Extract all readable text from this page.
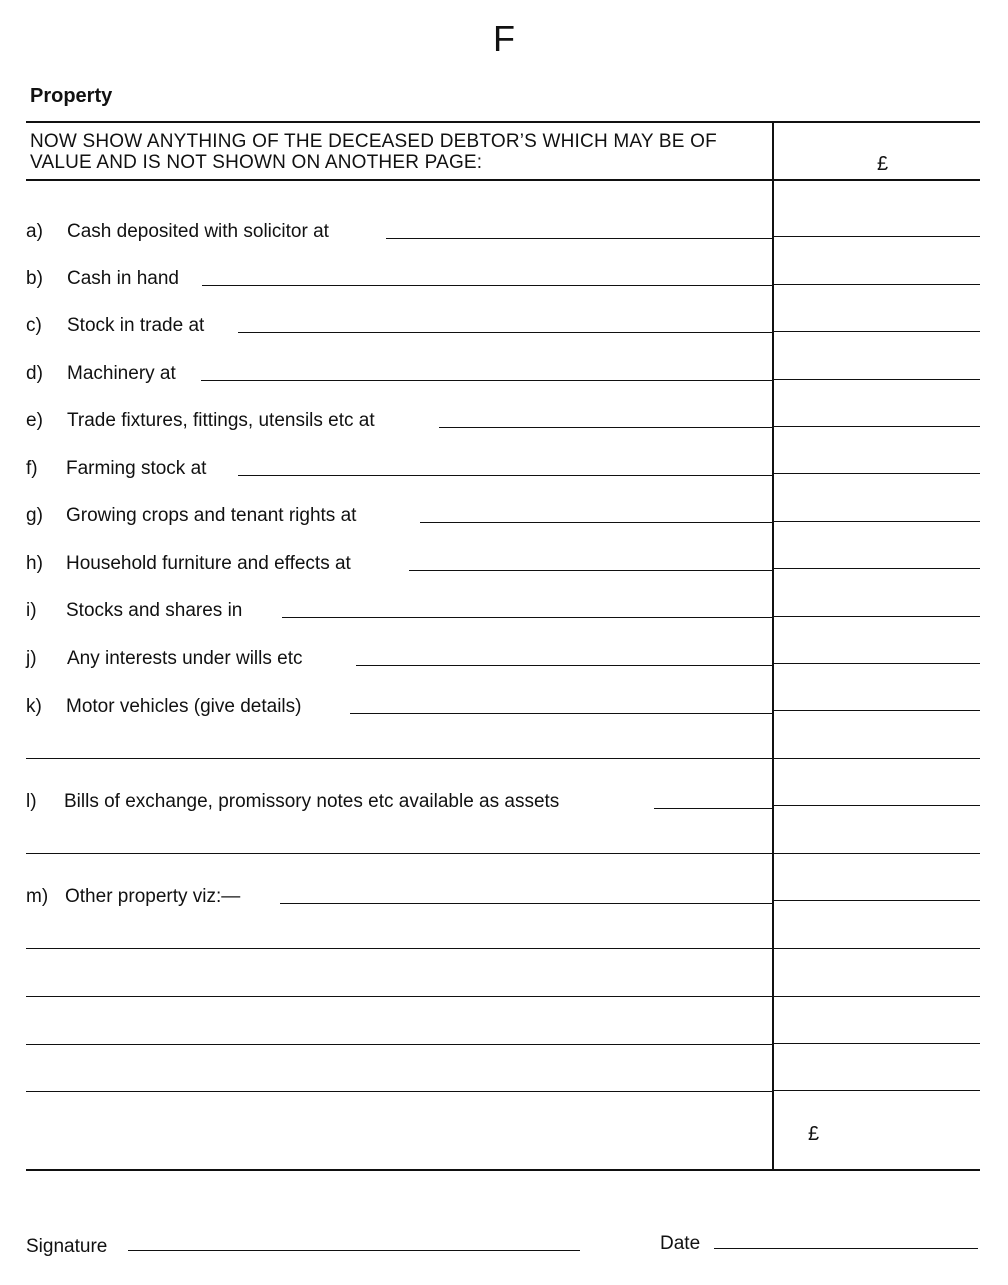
F
Property
NOW SHOW ANYTHING OF THE DECEASED DEBTOR’S WHICH MAY BE OF VALUE AND IS NOT SHOWN ON ANOTHER PAGE:	£
a) Cash deposited with solicitor at
b) Cash in hand
c) Stock in trade at
d) Machinery at
e) Trade fixtures, fittings, utensils etc at
f) Farming stock at
g) Growing crops and tenant rights at
h) Household furniture and effects at
i) Stocks and shares in
j) Any interests under wills etc
k) Motor vehicles (give details)
l) Bills of exchange, promissory notes etc available as assets
m) Other property viz:—
£
Signature	Date
